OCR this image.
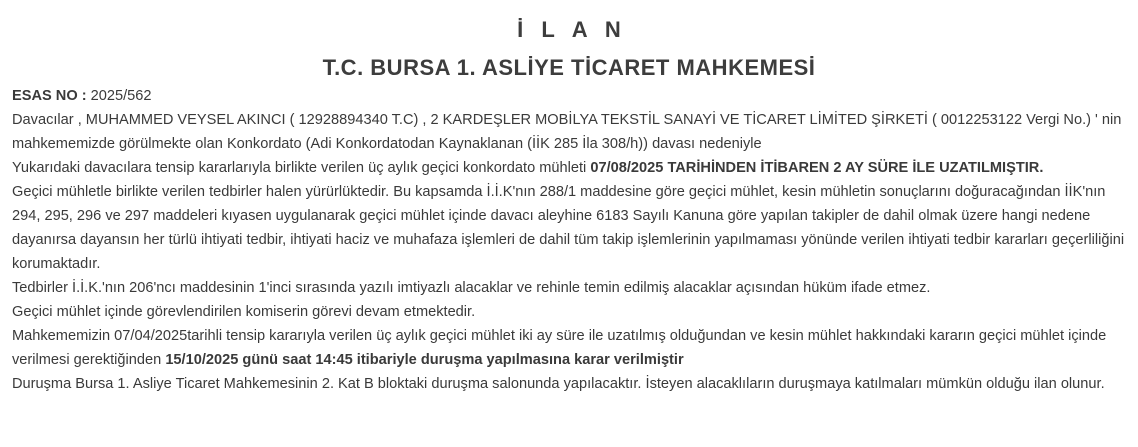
İ L A N
T.C. BURSA 1. ASLİYE TİCARET MAHKEMESİ

ESAS NO : 2025/562

Davacılar , MUHAMMED VEYSEL AKINCI ( 12928894340 T.C) , 2 KARDEŞLER MOBİLYA TEKSTİL SANAYİ VE TİCARET LİMİTED ŞİRKETİ ( 0012253122 Vergi No.) ' nin mahkememizde görülmekte olan Konkordato (Adi Konkordatodan Kaynaklanan (İİK 285 İla 308/h)) davası nedeniyle

Yukarıdaki davacılara tensip kararlarıyla birlikte verilen üç aylık geçici konkordato mühleti 07/08/2025 TARİHİNDEN İTİBAREN 2 AY SÜRE İLE UZATILMIŞTIR.

Geçici mühletle birlikte verilen tedbirler halen yürürlüktedir. Bu kapsamda İ.İ.K'nın 288/1 maddesine göre geçici mühlet, kesin mühletin sonuçlarını doğuracağından İİK'nın 294, 295, 296 ve 297 maddeleri kıyasen uygulanarak geçici mühlet içinde davacı aleyhine 6183 Sayılı Kanuna göre yapılan takipler de dahil olmak üzere hangi nedene dayanırsa dayansın her türlü ihtiyati tedbir, ihtiyati haciz ve muhafaza işlemleri de dahil tüm takip işlemlerinin yapılmaması yönünde verilen ihtiyati tedbir kararları geçerliliğini korumaktadır.

Tedbirler İ.İ.K.'nın 206'ncı maddesinin 1'inci sırasında yazılı imtiyazlı alacaklar ve rehinle temin edilmiş alacaklar açısından hüküm ifade etmez.

Geçici mühlet içinde görevlendirilen komiserin görevi devam etmektedir.

Mahkememizin 07/04/2025tarihli tensip kararıyla verilen üç aylık geçici mühlet iki ay süre ile uzatılmış olduğundan ve kesin mühlet hakkındaki kararın geçici mühlet içinde verilmesi gerektiğinden 15/10/2025 günü saat 14:45 itibariyle duruşma yapılmasına karar verilmiştir

Duruşma Bursa 1. Asliye Ticaret Mahkemesinin 2. Kat B bloktaki duruşma salonunda yapılacaktır. İsteyen alacaklıların duruşmaya katılmaları mümkün olduğu ilan olunur.
